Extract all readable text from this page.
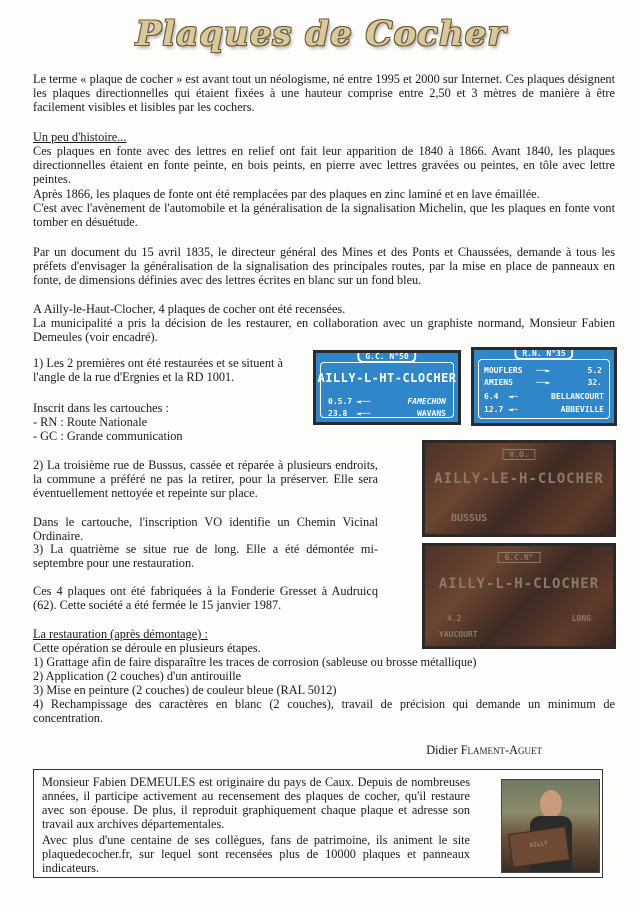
Plaques de Cocher

Le terme « plaque de cocher » est avant tout un néologisme, né entre 1995 et 2000 sur Internet. Ces plaques désignent les plaques directionnelles qui étaient fixées à une hauteur comprise entre 2,50 et 3 mètres de manière à être facilement visibles et lisibles par les cochers.

Un peu d'histoire...

Ces plaques en fonte avec des lettres en relief ont fait leur apparition de 1840 à 1866. Avant 1840, les plaques directionnelles étaient en fonte peinte, en bois peints, en pierre avec lettres gravées ou peintes, en tôle avec lettre peintes.

Après 1866, les plaques de fonte ont été remplacées par des plaques en zinc laminé et en lave émaillée.

C'est avec l'avènement de l'automobile et la généralisation de la signalisation Michelin, que les plaques en fonte vont tomber en désuétude.

Par un document du 15 avril 1835, le directeur général des Mines et des Ponts et Chaussées, demande à tous les préfets d'envisager la généralisation de la signalisation des principales routes, par la mise en place de panneaux en fonte, de dimensions définies avec des lettres écrites en blanc sur un fond bleu.

A Ailly-le-Haut-Clocher, 4 plaques de cocher ont été recensées.

La municipalité a pris la décision de les restaurer, en collaboration avec un graphiste normand, Monsieur Fabien Demeules (voir encadré).

1) Les 2 premières ont été restaurées et se situent à l'angle de la rue d'Ergnies et la RD 1001.

Inscrit dans les cartouches :

- RN : Route Nationale

- GC : Grande communication

2) La troisième rue de Bussus, cassée et réparée à plusieurs endroits, la commune a préféré ne pas la retirer, pour la préserver. Elle sera éventuellement nettoyée et repeinte sur place.

Dans le cartouche, l'inscription VO identifie un Chemin Vicinal Ordinaire.

3) La quatrième se situe rue de long. Elle a été démontée mi-septembre pour une restauration.

Ces 4 plaques ont été fabriquées à la Fonderie Gresset à Audruicq (62). Cette société a été fermée le 15 janvier 1987.

La restauration (après démontage) :

Cette opération se déroule en plusieurs étapes.

1) Grattage afin de faire disparaître les traces de corrosion (sableuse ou brosse métallique)

2) Application (2 couches) d'un antirouille

3) Mise en peinture (2 couches) de couleur bleue (RAL 5012)

4) Rechampissage des caractères en blanc (2 couches), travail de précision qui demande un minimum de concentration.

Didier Flament-Aguet
G.C. N°50
AILLY-L-HT-CLOCHER
0.5.7
23.8
◄──
◄──
FAMECHON
WAVANS
R.N. N°35
MOUFLERS
AMIENS
6.4
12.7
──►
──►
◄─
◄─
5.2
32.
BELLANCOURT
ABBEVILLE
V.O.
AILLY-LE-H-CLOCHER
BUSSUS
G.C.N°
AILLY-L-H-CLOCHER
4.2
YAUCOURT
LONG

Monsieur Fabien DEMEULES est originaire du pays de Caux. Depuis de nombreuses années, il participe activement au recensement des plaques de cocher, qu'il restaure avec son épouse. De plus, il reproduit graphiquement chaque plaque et adresse son travail aux archives départementales.

Avec plus d'une centaine de ses collègues, fans de patrimoine, ils animent le site plaquedecocher.fr, sur lequel sont recensées plus de 10000 plaques et panneaux indicateurs.

AILLY
